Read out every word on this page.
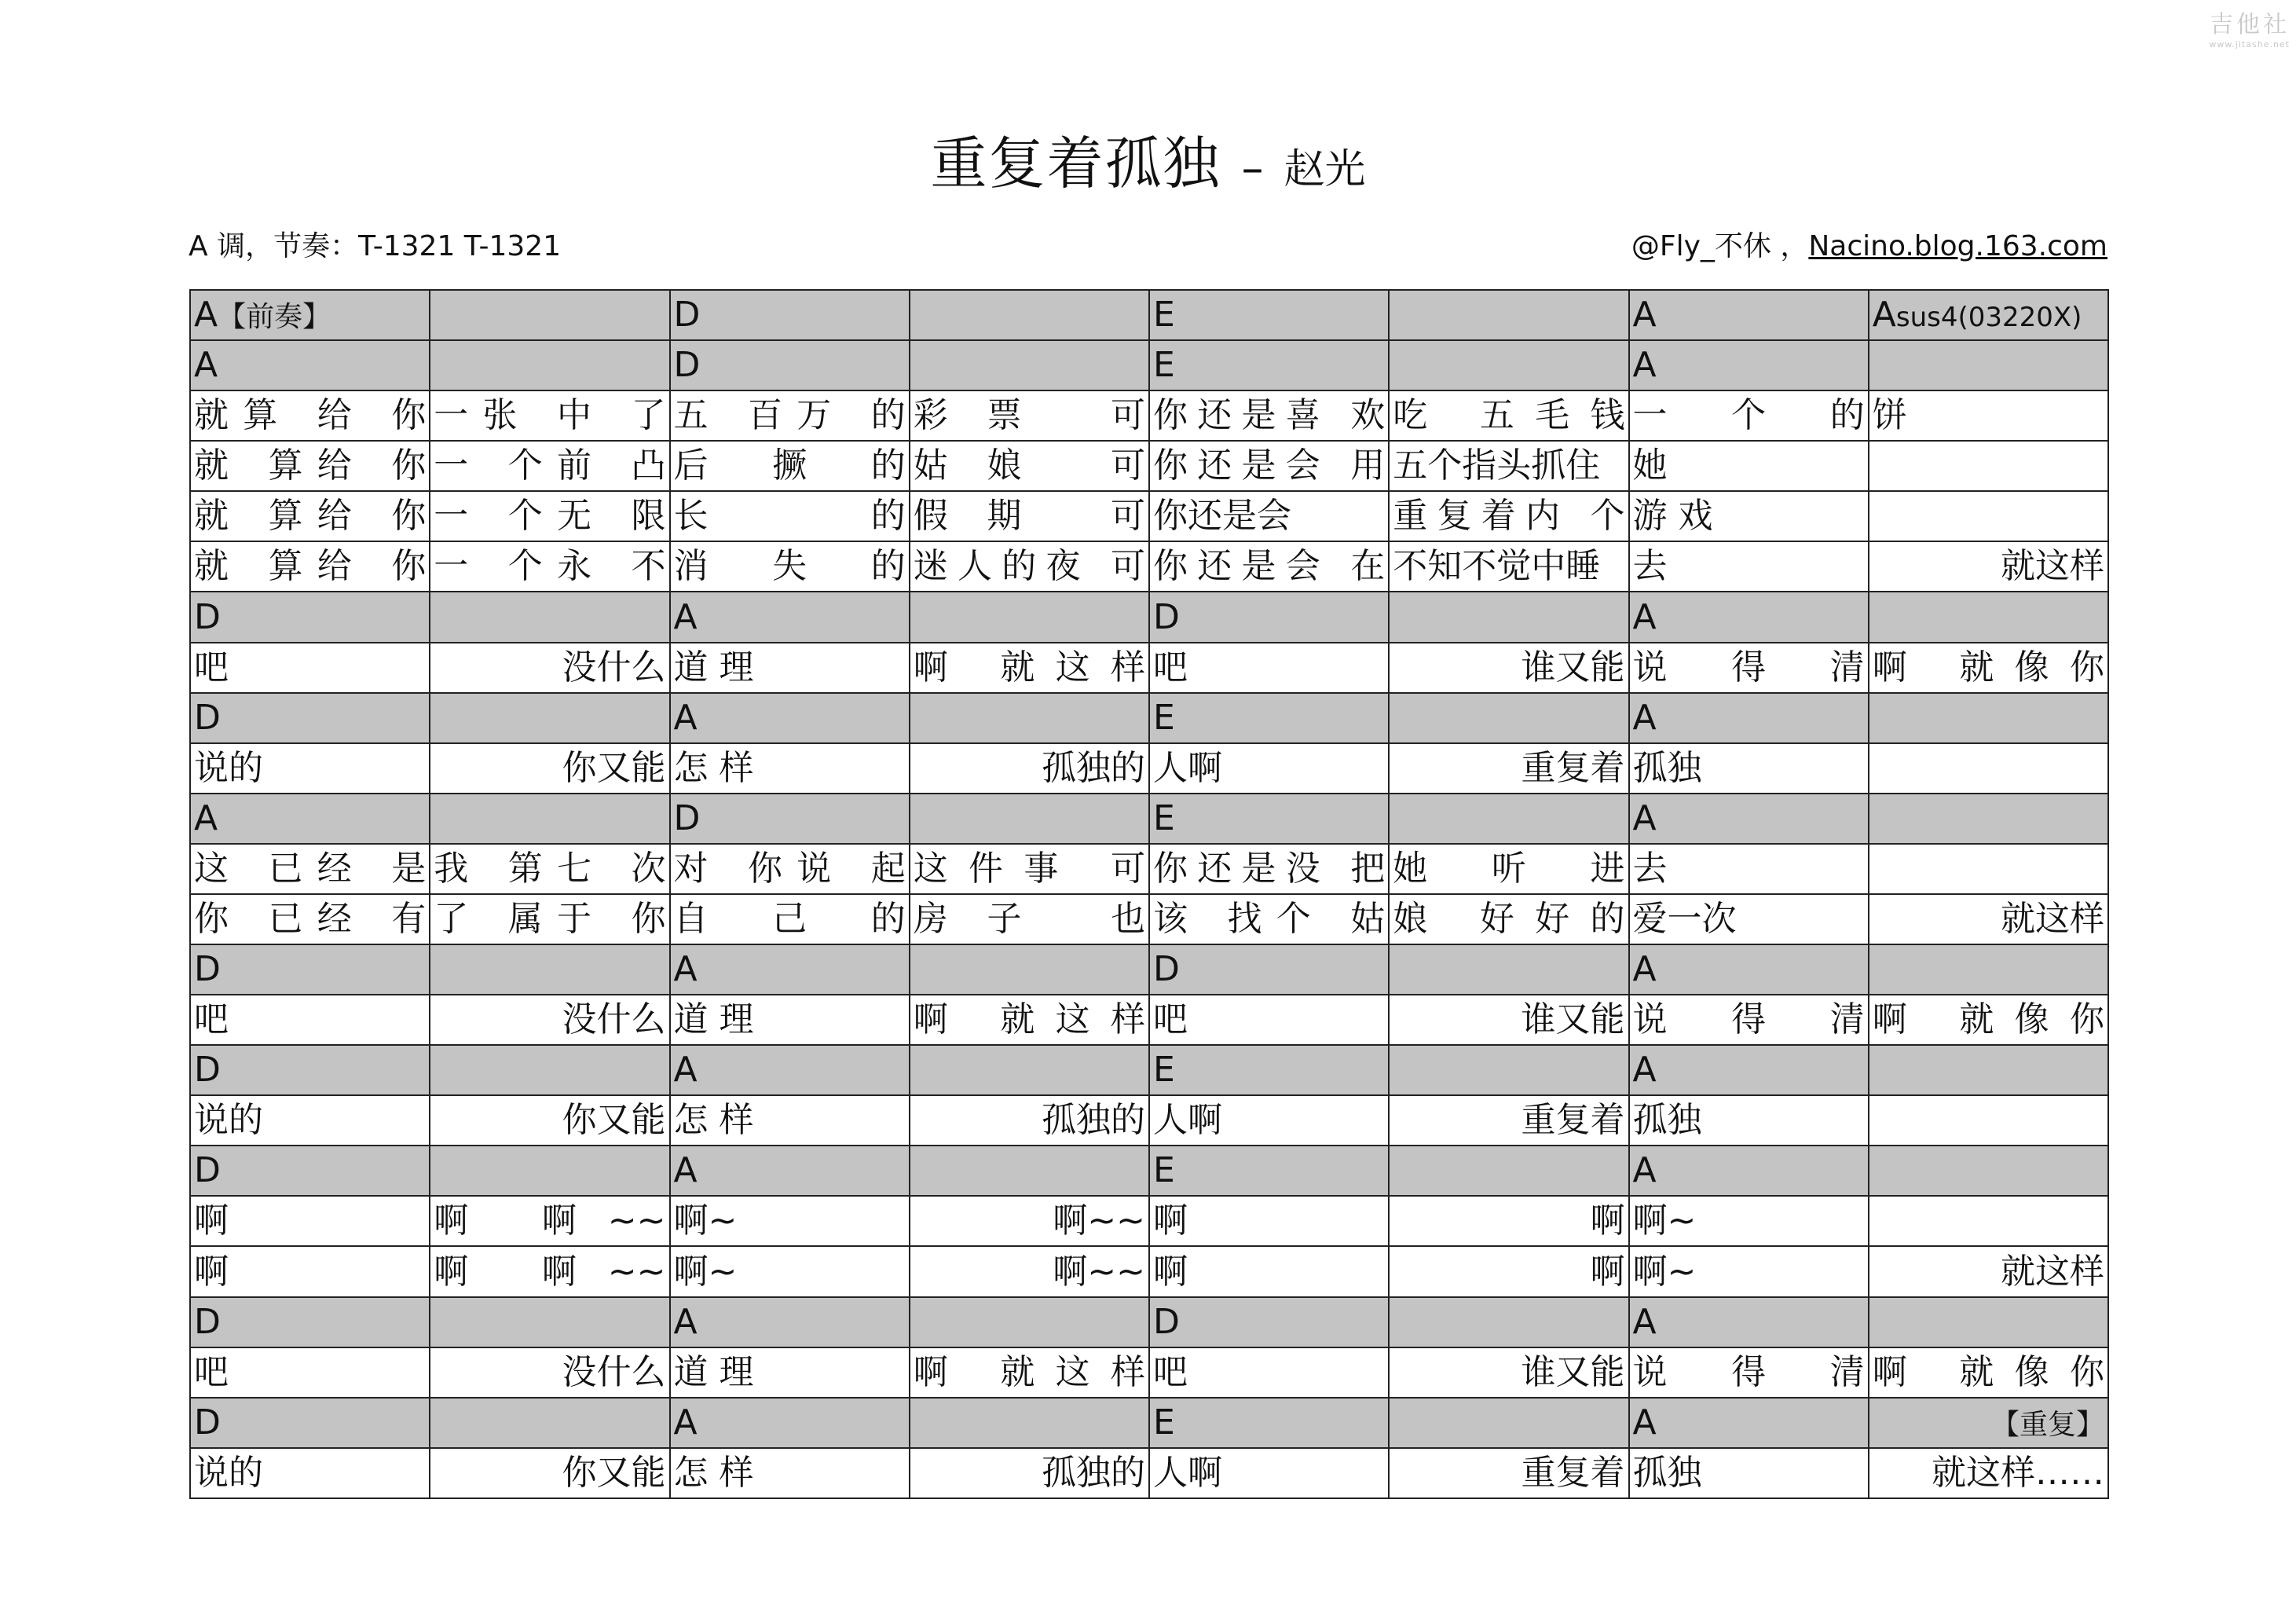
吉他社
www.jitashe.net
重复着孤独 – 赵光
A 调，节奏：T-1321 T-1321	@Fly_不休 ，Nacino.blog.163.com
A【前奏】		D		E		A	Asus4(03220X)
A		D		E		A	
就算 给 你	一张 中 了	五 百万 的	彩票 可	你还是喜 欢	吃 五毛钱	一 个 的	饼
就 算给 你	一 个前 凸	后 撅 的	姑娘 可	你还是会 用	五个指头抓住	她	
就 算给 你	一 个无 限	长 的	假期 可	你还是会	重复着内 个	游 戏	
就 算给 你	一 个永 不	消 失 的	迷人的夜 可	你还是会 在	不知不觉中睡	去	就这样
D		A		D		A	
吧	没什么	道 理	啊 就这样	吧	谁又能	说 得 清	啊 就像你
D		A		E		A	
说的	你又能	怎 样	孤独的	人啊	重复着	孤独	
A		D		E		A	
这 已经 是	我 第七 次	对 你说 起	这件事 可	你还是没 把	她 听 进	去	
你 已经 有	了 属于 你	自 己 的	房子 也	该 找个 姑	娘 好好的	爱一次	就这样
D		A		D		A	
吧	没什么	道 理	啊 就这样	吧	谁又能	说 得 清	啊 就像你
D		A		E		A	
说的	你又能	怎 样	孤独的	人啊	重复着	孤独	
D		A		E		A	
啊	啊 啊~~	啊~	啊~~	啊	啊	啊~	
啊	啊 啊~~	啊~	啊~~	啊	啊	啊~	就这样
D		A		D		A	
吧	没什么	道 理	啊 就这样	吧	谁又能	说 得 清	啊 就像你
D		A		E		A	【重复】
说的	你又能	怎 样	孤独的	人啊	重复着	孤独	就这样……
